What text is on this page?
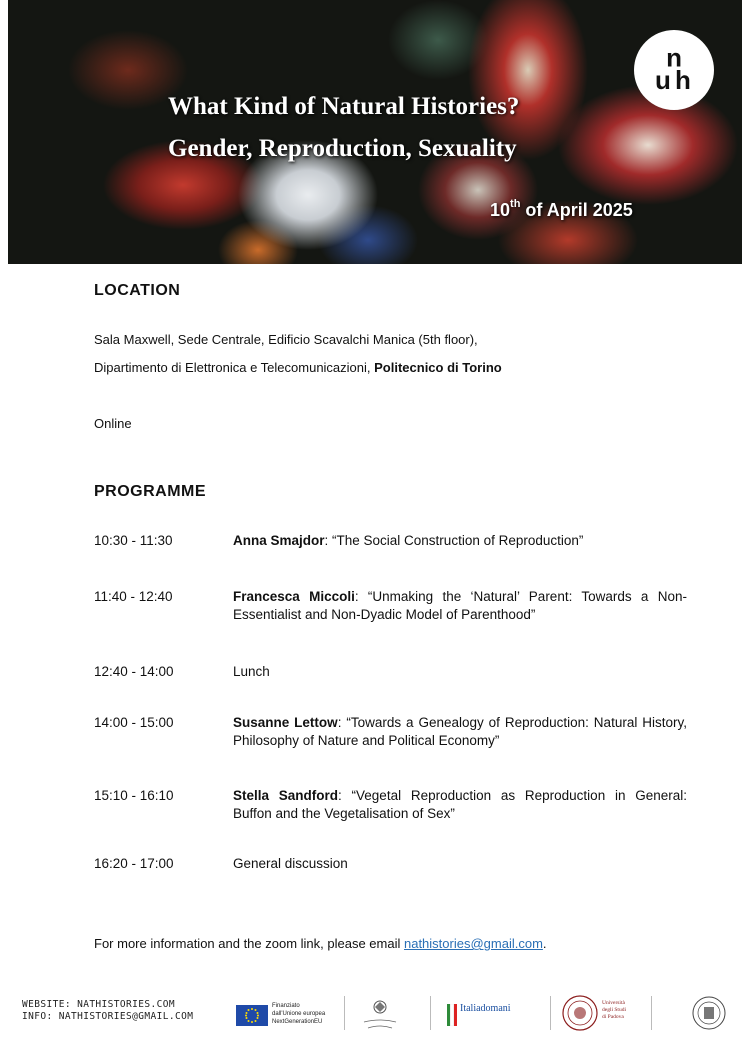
u
u h
What Kind of Natural Histories?
Gender, Reproduction, Sexuality
10th of April 2025
LOCATION

Sala Maxwell, Sede Centrale, Edificio Scavalchi Manica (5th floor),

Dipartimento di Elettronica e Telecomunicazioni, Politecnico di Torino

Online

PROGRAMME
10:30 - 11:30	Anna Smajdor: “The Social Construction of Reproduction”
11:40 - 12:40	Francesca Miccoli: “Unmaking the ‘Natural’ Parent: Towards a Non-Essentialist and Non-Dyadic Model of Parenthood”
12:40 - 14:00	Lunch
14:00 - 15:00	Susanne Lettow: “Towards a Genealogy of Reproduction: Natural History, Philosophy of Nature and Political Economy”
15:10 - 16:10	Stella Sandford: “Vegetal Reproduction as Reproduction in General: Buffon and the Vegetalisation of Sex”
16:20 - 17:00	General discussion

For more information and the zoom link, please email nathistories@gmail.com.

WEBSITE: NATHISTORIES.COM
INFO: NATHISTORIES@GMAIL.COM
Finanziato
dall'Unione europea
NextGenerationEU
Italiadomani	Università
degli Studi
di Padova
